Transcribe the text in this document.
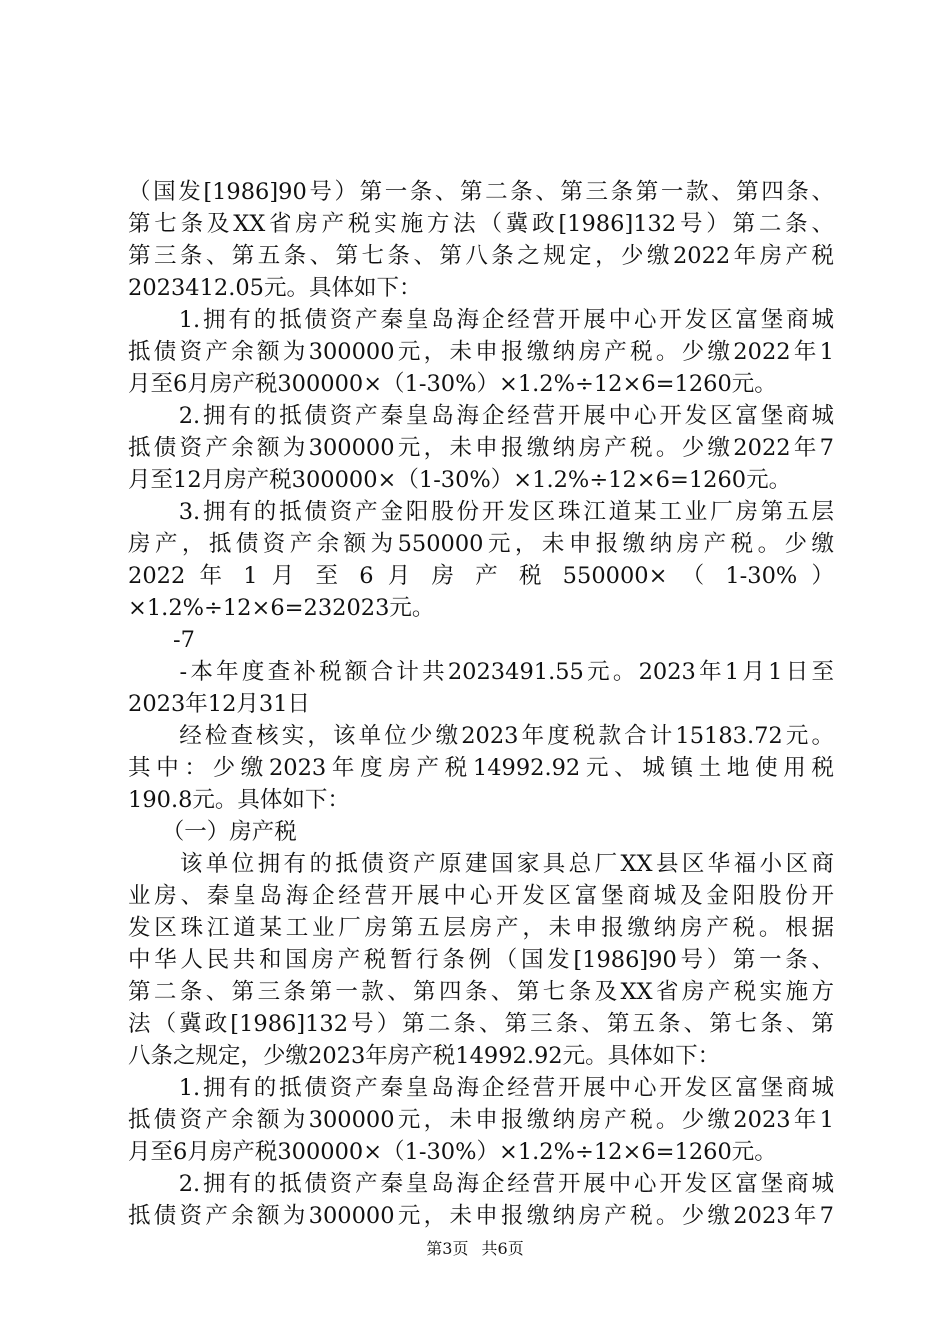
（国发[1986]90号）第一条、第二条、第三条第一款、第四条、
第七条及XX省房产税实施方法（冀政[1986]132号）第二条、
第三条、第五条、第七条、第八条之规定，少缴2022年房产税
2023412.05元。具体如下：
　　1.拥有的抵债资产秦皇岛海企经营开展中心开发区富堡商城
抵债资产余额为300000元，未申报缴纳房产税。少缴2022年1
月至6月房产税300000×（1-30%）×1.2%÷12×6=1260元。
　　2.拥有的抵债资产秦皇岛海企经营开展中心开发区富堡商城
抵债资产余额为300000元，未申报缴纳房产税。少缴2022年7
月至12月房产税300000×（1-30%）×1.2%÷12×6=1260元。
　　3.拥有的抵债资产金阳股份开发区珠江道某工业厂房第五层
房产，抵债资产余额为550000元，未申报缴纳房产税。少缴
2022 年 1 月 至 6 月 房 产 税 550000× （ 1-30% ）
×1.2%÷12×6=232023元。
　　-7
　　-本年度查补税额合计共2023491.55元。2023年1月1日至
2023年12月31日
　　经检查核实，该单位少缴2023年度税款合计15183.72元。
其中：少缴2023年度房产税14992.92元、城镇土地使用税
190.8元。具体如下：
　　（一）房产税
　　该单位拥有的抵债资产原建国家具总厂XX县区华福小区商
业房、秦皇岛海企经营开展中心开发区富堡商城及金阳股份开
发区珠江道某工业厂房第五层房产，未申报缴纳房产税。根据
中华人民共和国房产税暂行条例（国发[1986]90号）第一条、
第二条、第三条第一款、第四条、第七条及XX省房产税实施方
法（冀政[1986]132号）第二条、第三条、第五条、第七条、第
八条之规定，少缴2023年房产税14992.92元。具体如下：
　　1.拥有的抵债资产秦皇岛海企经营开展中心开发区富堡商城
抵债资产余额为300000元，未申报缴纳房产税。少缴2023年1
月至6月房产税300000×（1-30%）×1.2%÷12×6=1260元。
　　2.拥有的抵债资产秦皇岛海企经营开展中心开发区富堡商城
抵债资产余额为300000元，未申报缴纳房产税。少缴2023年7
第3页 共6页
